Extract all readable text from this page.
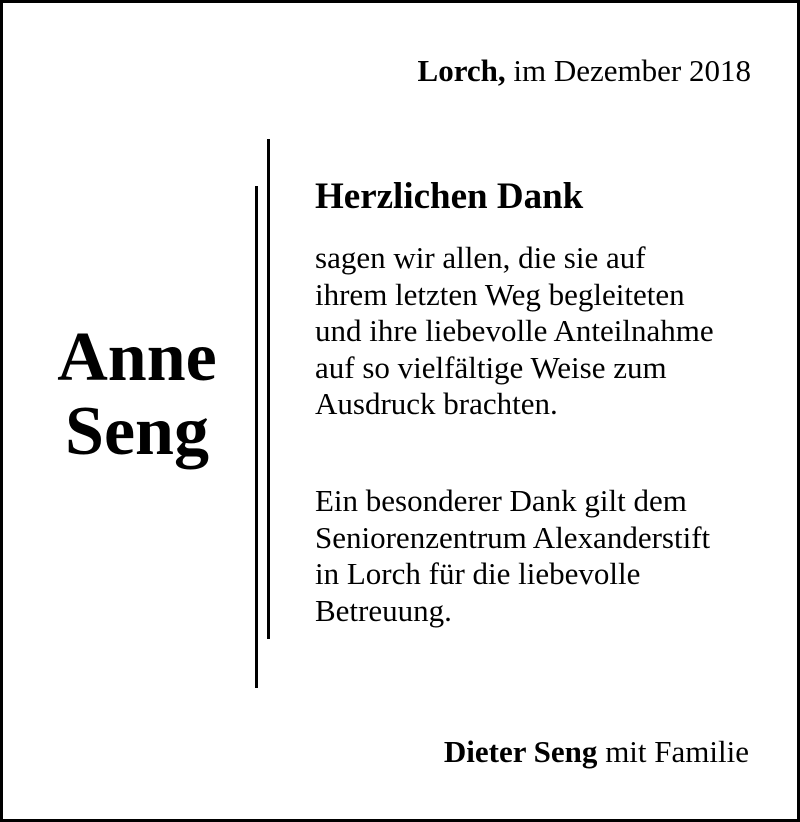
Lorch, im Dezember 2018
Anne
Seng
Herzlichen Dank
sagen wir allen, die sie auf
ihrem letzten Weg begleiteten
und ihre liebevolle Anteilnahme
auf so vielfältige Weise zum
Ausdruck brachten.
Ein besonderer Dank gilt dem
Seniorenzentrum Alexanderstift
in Lorch für die liebevolle
Betreuung.
Dieter Seng mit Familie
